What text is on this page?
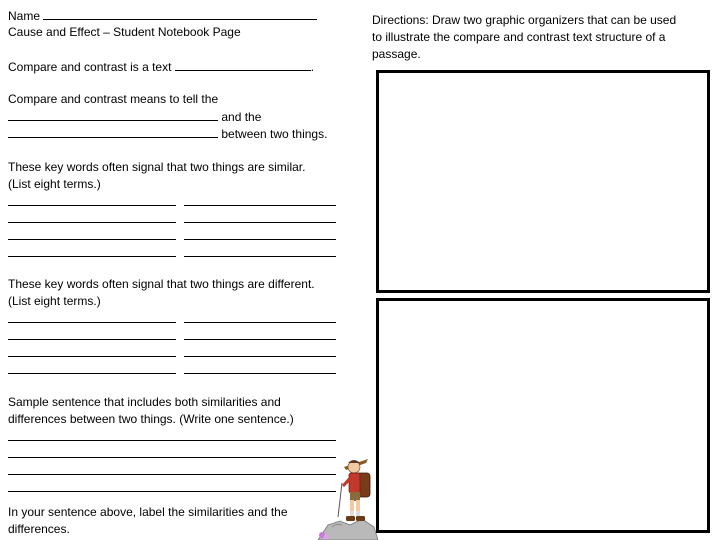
Name
Cause and Effect – Student Notebook Page
Compare and contrast is a text	.
Compare and contrast means to tell the
and the
between two things.
These key words often signal that two things are similar.
(List eight terms.)
These key words often signal that two things are different.
(List eight terms.)
Sample sentence that includes both similarities and
differences between two things. (Write one sentence.)
In your sentence above, label the similarities and the
differences.
Directions: Draw two graphic organizers that can be used
to illustrate the compare and contrast text structure of a
passage.
